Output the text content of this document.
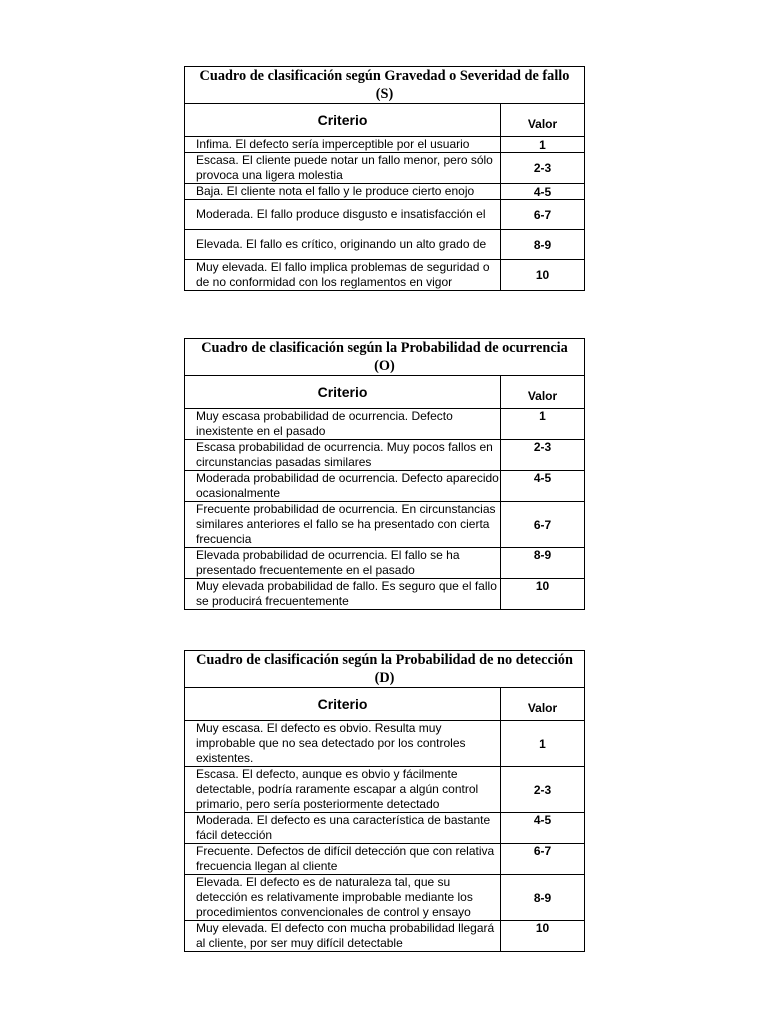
Cuadro de clasificación según Gravedad o Severidad de fallo (S)	
Criterio	Valor
Infima. El defecto sería imperceptible por el usuario	1
Escasa. El cliente puede notar un fallo menor, pero sólo provoca una ligera molestia	2-3
Baja. El cliente nota el fallo y le produce cierto enojo	4-5
Moderada. El fallo produce disgusto e insatisfacción el	6-7
Elevada. El fallo es crítico, originando un alto grado de	8-9
Muy elevada. El fallo implica problemas de seguridad o de no conformidad con los reglamentos en vigor	10
Cuadro de clasificación según la Probabilidad de ocurrencia (O)	
Criterio	Valor
Muy escasa probabilidad de ocurrencia. Defecto inexistente en el pasado	1
Escasa probabilidad de ocurrencia. Muy pocos fallos en circunstancias pasadas similares	2-3
Moderada probabilidad de ocurrencia. Defecto aparecido ocasionalmente	4-5
Frecuente probabilidad de ocurrencia. En circunstancias similares anteriores el fallo se ha presentado con cierta frecuencia	6-7
Elevada probabilidad de ocurrencia. El fallo se ha presentado frecuentemente en el pasado	8-9
Muy elevada probabilidad de fallo. Es seguro que el fallo se producirá frecuentemente	10
Cuadro de clasificación según la Probabilidad de no detección (D)	
Criterio	Valor
Muy escasa. El defecto es obvio. Resulta muy improbable que no sea detectado por los controles existentes.	1
Escasa. El defecto, aunque es obvio y fácilmente detectable, podría raramente escapar a algún control primario, pero sería posteriormente detectado	2-3
Moderada. El defecto es una característica de bastante fácil detección	4-5
Frecuente. Defectos de difícil detección que con relativa frecuencia llegan al cliente	6-7
Elevada. El defecto es de naturaleza tal, que su detección es relativamente improbable mediante los procedimientos convencionales de control y ensayo	8-9
Muy elevada. El defecto con mucha probabilidad llegará al cliente, por ser muy difícil detectable	10
